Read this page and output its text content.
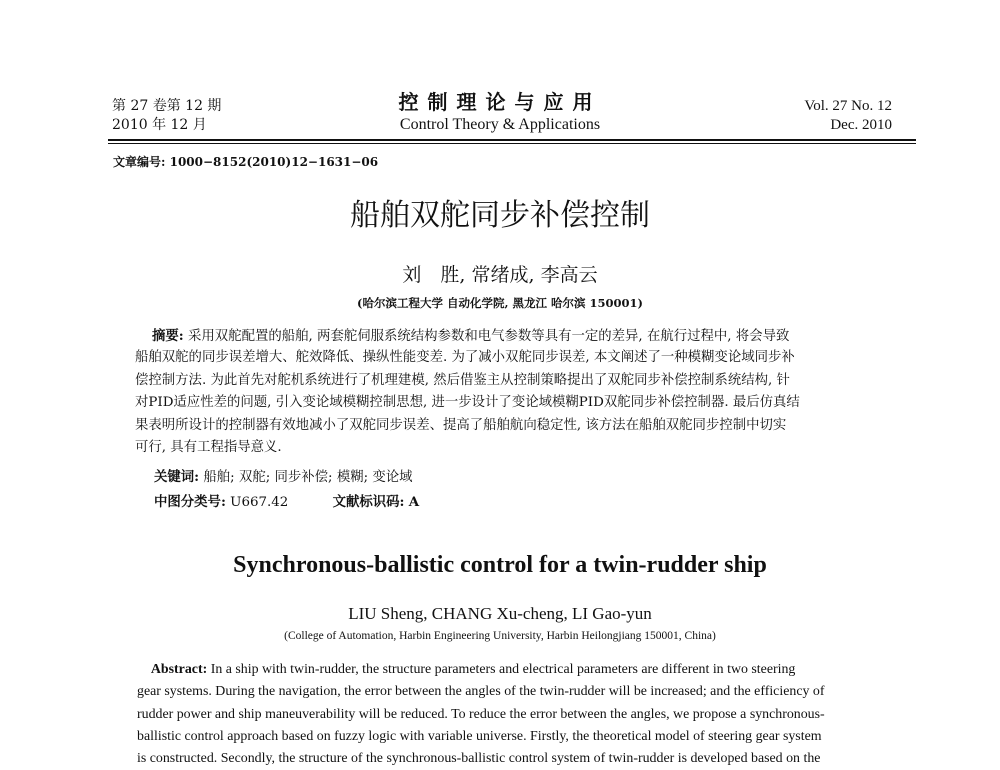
第 27 卷第 12 期
2010 年 12 月
控制理论与应用
Control Theory & Applications
Vol. 27 No. 12
Dec. 2010
文章编号: 1000−8152(2010)12−1631−06
船舶双舵同步补偿控制
刘　胜, 常绪成, 李高云
(哈尔滨工程大学 自动化学院, 黑龙江 哈尔滨 150001)
摘要: 采用双舵配置的船舶, 两套舵伺服系统结构参数和电气参数等具有一定的差异, 在航行过程中, 将会导致
船舶双舵的同步误差增大、舵效降低、操纵性能变差. 为了减小双舵同步误差, 本文阐述了一种模糊变论域同步补
偿控制方法. 为此首先对舵机系统进行了机理建模, 然后借鉴主从控制策略提出了双舵同步补偿控制系统结构, 针
对PID适应性差的问题, 引入变论域模糊控制思想, 进一步设计了变论域模糊PID双舵同步补偿控制器. 最后仿真结
果表明所设计的控制器有效地减小了双舵同步误差、提高了船舶航向稳定性, 该方法在船舶双舵同步控制中切实
可行, 具有工程指导意义.
关键词: 船舶; 双舵; 同步补偿; 模糊; 变论域
中图分类号: U667.42	文献标识码: A
Synchronous-ballistic control for a twin-rudder ship
LIU Sheng, CHANG Xu-cheng, LI Gao-yun
(College of Automation, Harbin Engineering University, Harbin Heilongjiang 150001, China)
Abstract: In a ship with twin-rudder, the structure parameters and electrical parameters are different in two steering
gear systems. During the navigation, the error between the angles of the twin-rudder will be increased; and the efficiency of
rudder power and ship maneuverability will be reduced. To reduce the error between the angles, we propose a synchronous-
ballistic control approach based on fuzzy logic with variable universe. Firstly, the theoretical model of steering gear system
is constructed. Secondly, the structure of the synchronous-ballistic control system of twin-rudder is developed based on the
